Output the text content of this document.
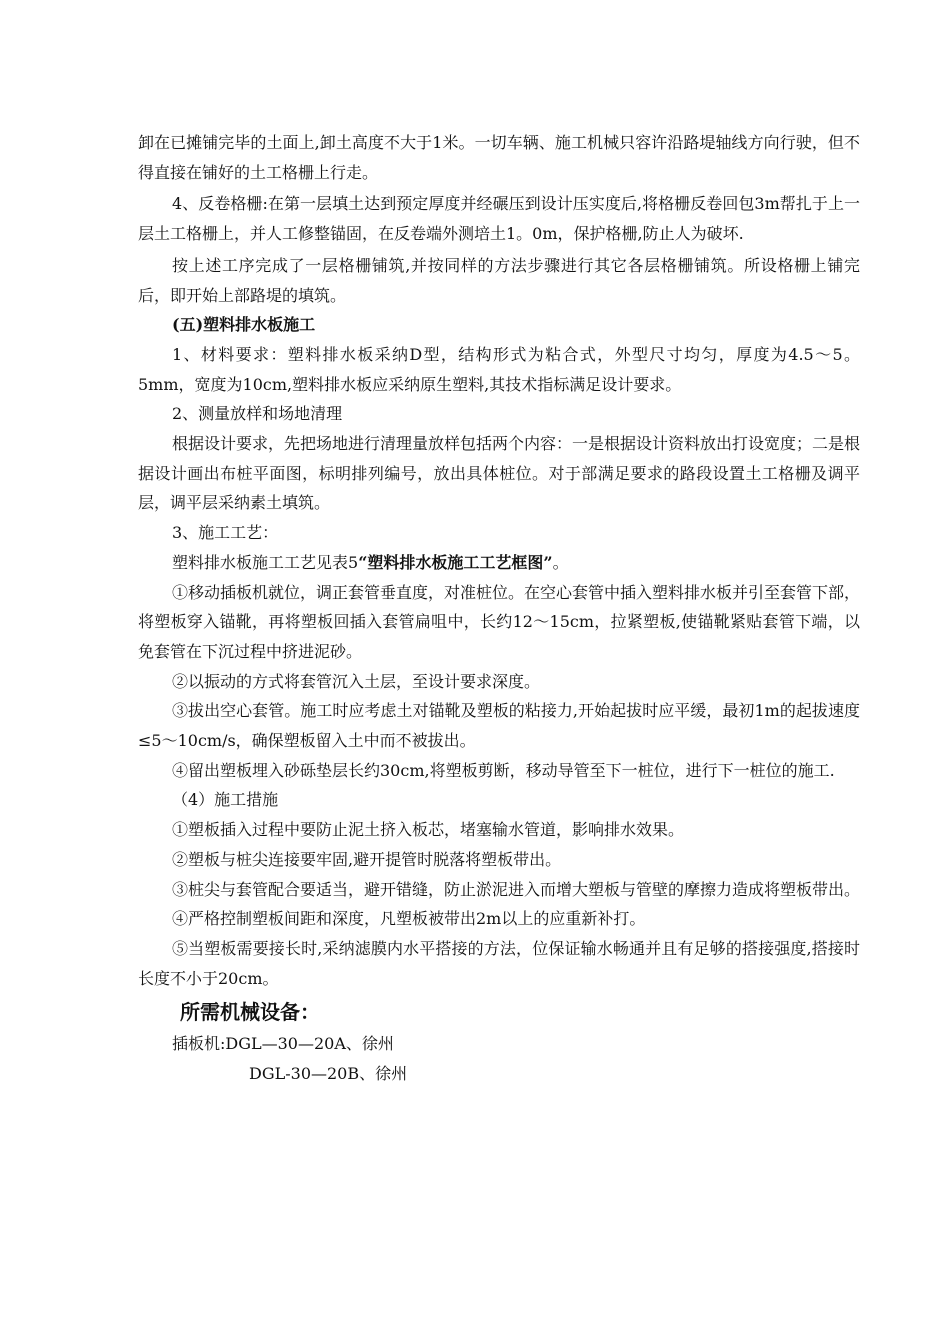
卸在已摊铺完毕的土面上,卸土高度不大于1米。一切车辆、施工机械只容许沿路堤轴线方向行驶，但不得直接在铺好的土工格栅上行走。

4、反卷格栅:在第一层填土达到预定厚度并经碾压到设计压实度后,将格栅反卷回包3m帮扎于上一层土工格栅上，并人工修整锚固，在反卷端外测培土1。0m，保护格栅,防止人为破坏.

按上述工序完成了一层格栅铺筑,并按同样的方法步骤进行其它各层格栅铺筑。所设格栅上铺完后，即开始上部路堤的填筑。

(五)塑料排水板施工

1、材料要求：塑料排水板采纳D型，结构形式为粘合式，外型尺寸均匀，厚度为4.5～5。5mm，宽度为10cm,塑料排水板应采纳原生塑料,其技术指标满足设计要求。

2、测量放样和场地清理

根据设计要求，先把场地进行清理量放样包括两个内容：一是根据设计资料放出打设宽度；二是根据设计画出布桩平面图，标明排列编号，放出具体桩位。对于部满足要求的路段设置土工格栅及调平层，调平层采纳素土填筑。

3、施工工艺：

塑料排水板施工工艺见表5“塑料排水板施工工艺框图”。

①移动插板机就位，调正套管垂直度，对准桩位。在空心套管中插入塑料排水板并引至套管下部，将塑板穿入锚靴，再将塑板回插入套管扁咀中，长约12～15cm，拉紧塑板,使锚靴紧贴套管下端，以免套管在下沉过程中挤进泥砂。

②以振动的方式将套管沉入土层，至设计要求深度。

③拔出空心套管。施工时应考虑土对锚靴及塑板的粘接力,开始起拔时应平缓，最初1m的起拔速度≤5～10cm/s，确保塑板留入土中而不被拔出。

④留出塑板埋入砂砾垫层长约30cm,将塑板剪断，移动导管至下一桩位，进行下一桩位的施工.

（4）施工措施

①塑板插入过程中要防止泥土挤入板芯，堵塞输水管道，影响排水效果。

②塑板与桩尖连接要牢固,避开提管时脱落将塑板带出。

③桩尖与套管配合要适当，避开错缝，防止淤泥进入而增大塑板与管壁的摩擦力造成将塑板带出。

④严格控制塑板间距和深度，凡塑板被带出2m以上的应重新补打。

⑤当塑板需要接长时,采纳滤膜内水平搭接的方法，位保证输水畅通并且有足够的搭接强度,搭接时长度不小于20cm。

所需机械设备：

插板机:DGL—30—20A、徐州

DGL-30—20B、徐州
